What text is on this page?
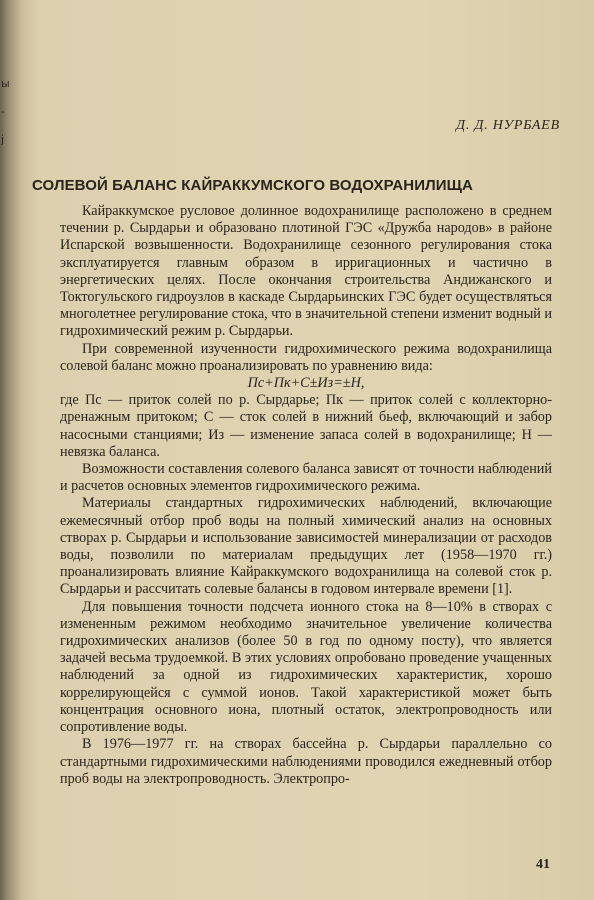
ы
-
ј
Д. Д. НУРБАЕВ
СОЛЕВОЙ БАЛАНС КАЙРАККУМСКОГО ВОДОХРАНИЛИЩА

Кайраккумское русловое долинное водохранилище расположено в среднем течении р. Сырдарьи и образовано плотиной ГЭС «Дружба народов» в районе Испарской возвышенности. Водохранилище сезонного регулирования стока эксплуатируется главным образом в ирригационных и частично в энергетических целях. После окончания строительства Андижанского и Токтогульского гидроузлов в каскаде Сырдарьинских ГЭС будет осуществляться многолетнее регулирование стока, что в значительной степени изменит водный и гидрохимический режим р. Сырдарьи.

При современной изученности гидрохимического режима водохранилища солевой баланс можно проанализировать по уравнению вида:

Пс+Пк+С±Из=±Н,

где Пс — приток солей по р. Сырдарье; Пк — приток солей с коллекторно-дренажным притоком; С — сток солей в нижний бьеф, включающий и забор насосными станциями; Из — изменение запаса солей в водохранилище; Н — невязка баланса.

Возможности составления солевого баланса зависят от точности наблюдений и расчетов основных элементов гидрохимического режима.

Материалы стандартных гидрохимических наблюдений, включающие ежемесячный отбор проб воды на полный химический анализ на основных створах р. Сырдарьи и использование зависимостей минерализации от расходов воды, позволили по материалам предыдущих лет (1958—1970 гг.) проанализировать влияние Кайраккумского водохранилища на солевой сток р. Сырдарьи и рассчитать солевые балансы в годовом интервале времени [1].

Для повышения точности подсчета ионного стока на 8—10% в створах с измененным режимом необходимо значительное увеличение количества гидрохимических анализов (более 50 в год по одному посту), что является задачей весьма трудоемкой. В этих условиях опробовано проведение учащенных наблюдений за одной из гидрохимических характеристик, хорошо коррелирующейся с суммой ионов. Такой характеристикой может быть концентрация основного иона, плотный остаток, электропроводность или сопротивление воды.

В 1976—1977 гг. на створах бассейна р. Сырдарьи параллельно со стандартными гидрохимическими наблюдениями проводился ежедневный отбор проб воды на электропроводность. Электропро-

41
